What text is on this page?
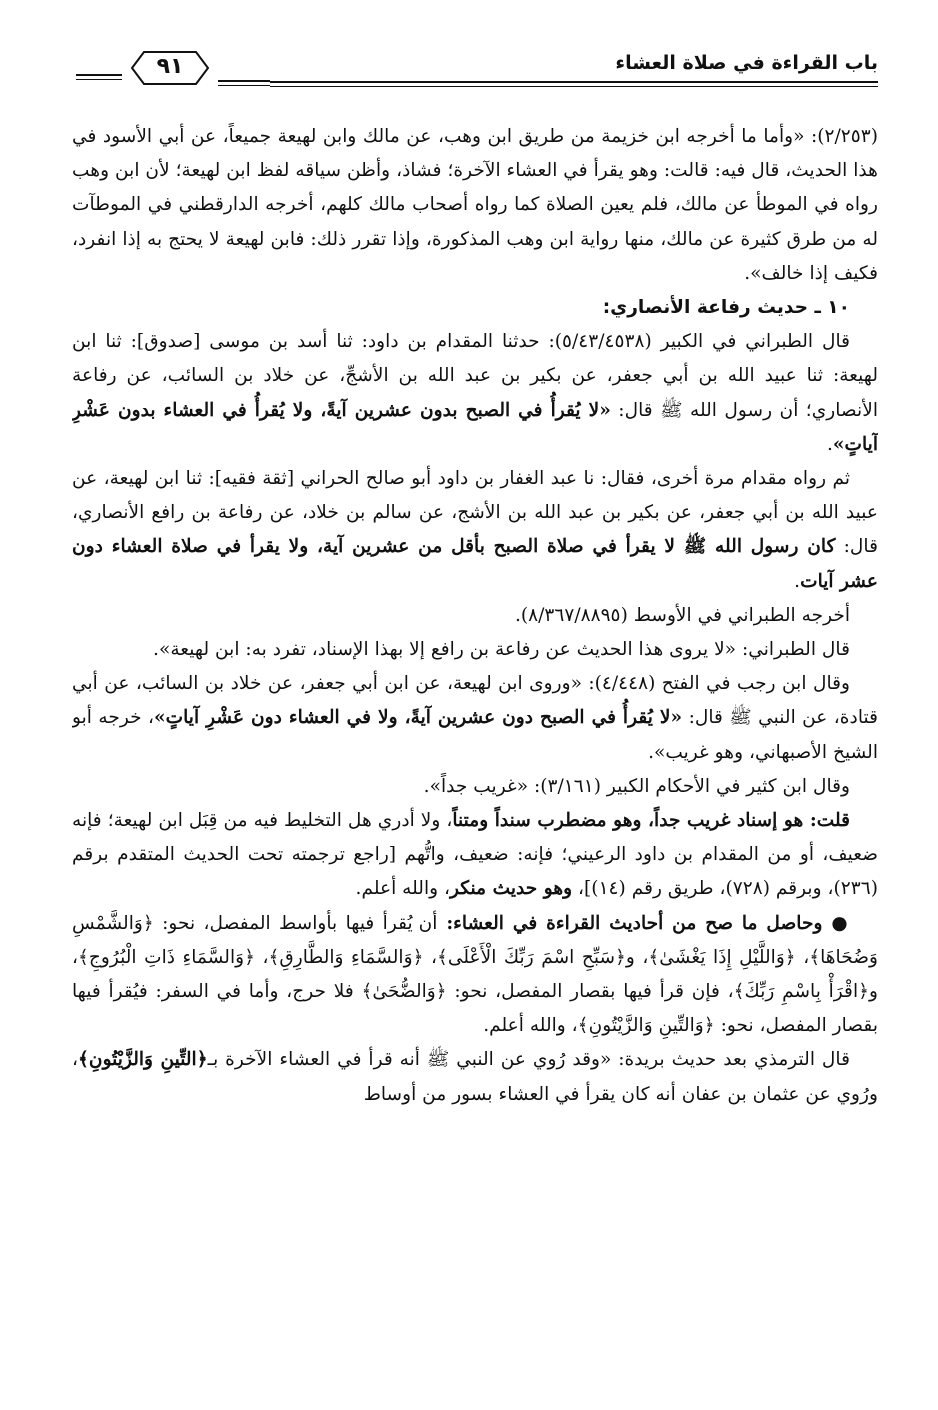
باب القراءة في صلاة العشاء
٩١

(٢/٢٥٣): «وأما ما أخرجه ابن خزيمة من طريق ابن وهب، عن مالك وابن لهيعة جميعاً، عن أبي الأسود في هذا الحديث، قال فيه: قالت: وهو يقرأ في العشاء الآخرة؛ فشاذ، وأظن سياقه لفظ ابن لهيعة؛ لأن ابن وهب رواه في الموطأ عن مالك، فلم يعين الصلاة كما رواه أصحاب مالك كلهم، أخرجه الدارقطني في الموطآت له من طرق كثيرة عن مالك، منها رواية ابن وهب المذكورة، وإذا تقرر ذلك: فابن لهيعة لا يحتج به إذا انفرد، فكيف إذا خالف».

١٠ ـ حديث رفاعة الأنصاري:

قال الطبراني في الكبير (٥/٤٣/٤٥٣٨): حدثنا المقدام بن داود: ثنا أسد بن موسى [صدوق]: ثنا ابن لهيعة: ثنا عبيد الله بن أبي جعفر، عن بكير بن عبد الله بن الأشجِّ، عن خلاد بن السائب، عن رفاعة الأنصاري؛ أن رسول الله ﷺ قال: «لا يُقرأُ في الصبح بدون عشرين آيةً، ولا يُقرأُ في العشاء بدون عَشْرِ آياتٍ».

ثم رواه مقدام مرة أخرى، فقال: نا عبد الغفار بن داود أبو صالح الحراني [ثقة فقيه]: ثنا ابن لهيعة، عن عبيد الله بن أبي جعفر، عن بكير بن عبد الله بن الأشج، عن سالم بن خلاد، عن رفاعة بن رافع الأنصاري، قال: كان رسول الله ﷺ لا يقرأ في صلاة الصبح بأقل من عشرين آية، ولا يقرأ في صلاة العشاء دون عشر آيات.

أخرجه الطبراني في الأوسط (٨/٣٦٧/٨٨٩٥).

قال الطبراني: «لا يروى هذا الحديث عن رفاعة بن رافع إلا بهذا الإسناد، تفرد به: ابن لهيعة».

وقال ابن رجب في الفتح (٤/٤٤٨): «وروى ابن لهيعة، عن ابن أبي جعفر، عن خلاد بن السائب، عن أبي قتادة، عن النبي ﷺ قال: «لا يُقرأُ في الصبح دون عشرين آيةً، ولا في العشاء دون عَشْرِ آياتٍ»، خرجه أبو الشيخ الأصبهاني، وهو غريب».

وقال ابن كثير في الأحكام الكبير (٣/١٦١): «غريب جداً».

قلت: هو إسناد غريب جداً، وهو مضطرب سنداً ومتناً، ولا أدري هل التخليط فيه من قِبَل ابن لهيعة؛ فإنه ضعيف، أو من المقدام بن داود الرعيني؛ فإنه: ضعيف، واتُّهم [راجع ترجمته تحت الحديث المتقدم برقم (٢٣٦)، وبرقم (٧٢٨)، طريق رقم (١٤)]، وهو حديث منكر، والله أعلم.

● وحاصل ما صح من أحاديث القراءة في العشاء: أن يُقرأ فيها بأواسط المفصل، نحو: ﴿وَالشَّمْسِ وَضُحَاهَا﴾، ﴿وَاللَّيْلِ إِذَا يَغْشَىٰ﴾، و﴿سَبِّحِ اسْمَ رَبِّكَ الْأَعْلَى﴾، ﴿وَالسَّمَاءِ وَالطَّارِقِ﴾، ﴿وَالسَّمَاءِ ذَاتِ الْبُرُوجِ﴾، و﴿اقْرَأْ بِاسْمِ رَبِّكَ﴾، فإن قرأ فيها بقصار المفصل، نحو: ﴿وَالضُّحَىٰ﴾ فلا حرج، وأما في السفر: فيُقرأ فيها بقصار المفصل، نحو: ﴿وَالتِّينِ وَالزَّيْتُونِ﴾، والله أعلم.

قال الترمذي بعد حديث بريدة: «وقد رُوي عن النبي ﷺ أنه قرأ في العشاء الآخرة بـ﴿التِّينِ وَالزَّيْتُونِ﴾، ورُوي عن عثمان بن عفان أنه كان يقرأ في العشاء بسور من أوساط
